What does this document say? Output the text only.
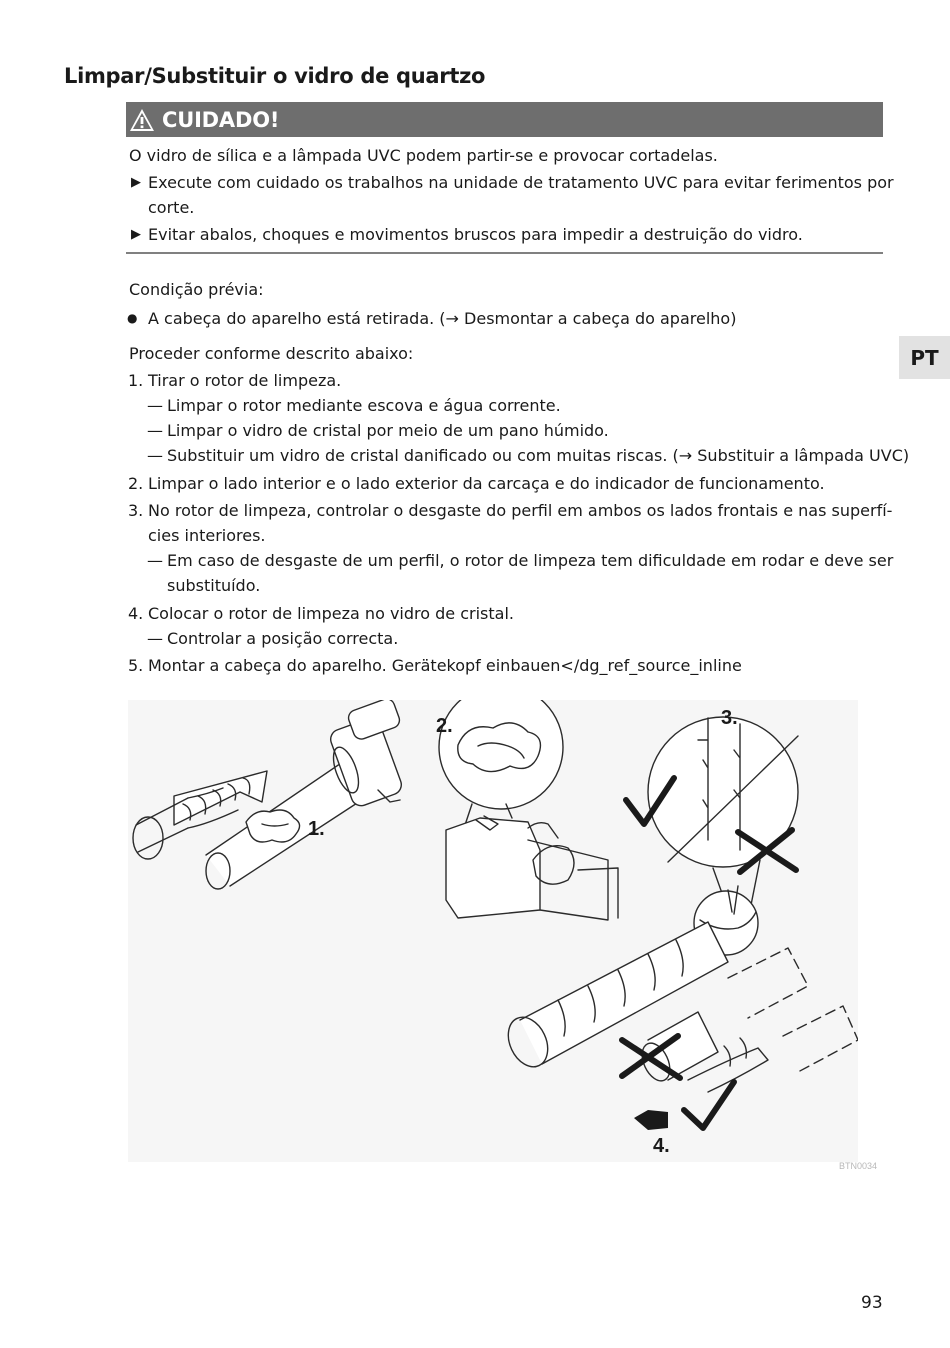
Limpar/Substituir o vidro de quartzo
CUIDADO!
O vidro de sílica e a lâmpada UVC podem partir-se e provocar cortadelas.
▶ Execute com cuidado os trabalhos na unidade de tratamento UVC para evitar ferimentos por
corte.
▶ Evitar abalos, choques e movimentos bruscos para impedir a destruição do vidro.
Condição prévia:
● A cabeça do aparelho está retirada. (→ Desmontar a cabeça do aparelho)
Proceder conforme descrito abaixo:
1. Tirar o rotor de limpeza.
— Limpar o rotor mediante escova e água corrente.
— Limpar o vidro de cristal por meio de um pano húmido.
— Substituir um vidro de cristal danificado ou com muitas riscas. (→ Substituir a lâmpada UVC)
2. Limpar o lado interior e o lado exterior da carcaça e do indicador de funcionamento.
3. No rotor de limpeza, controlar o desgaste do perfil em ambos os lados frontais e nas superfí-
cies interiores.
— Em caso de desgaste de um perfil, o rotor de limpeza tem dificuldade em rodar e deve ser
substituído.
4. Colocar o rotor de limpeza no vidro de cristal.
— Controlar a posição correcta.
5. Montar a cabeça do aparelho. Gerätekopf einbauen</dg_ref_source_inline
PT
1.
2.	3.
4.
BTN0034
93
